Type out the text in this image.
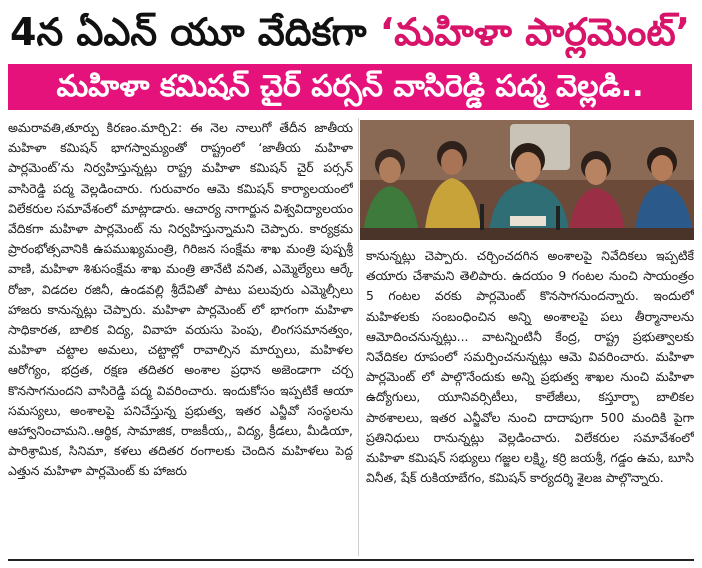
4న ఏఎన్ యూ వేదికగా ‘మహిళా పార్లమెంట్’
మహిళా కమిషన్ చైర్ పర్సన్ వాసిరెడ్డి పద్మ వెల్లడి..

అమరావతి,తూర్పు కిరణం.మార్చి2: ఈ నెల నాలుగో తేదీన జాతీయ మహిళా కమిషన్ భాగస్వామ్యంతో రాష్ట్రంలో ‘జాతీయ మహిళా పార్లమెంట్’ను నిర్వహిస్తున్నట్లు రాష్ట్ర మహిళా కమిషన్ చైర్ పర్సన్ వాసిరెడ్డి పద్మ వెల్లడించారు. గురువారం ఆమె కమిషన్ కార్యాలయంలో విలేకరుల సమావేశంలో మాట్లాడారు. ఆచార్య నాగార్జున విశ్వవిద్యాలయం వేదికగా మహిళా పార్లమెంట్ ను నిర్వహిస్తున్నామని చెప్పారు. కార్యక్రమ ప్రారంభోత్సవానికి ఉపముఖ్యమంత్రి, గిరిజన సంక్షేమ శాఖ మంత్రి పుష్పశ్రీ వాణి, మహిళా శిశుసంక్షేమ శాఖ మంత్రి తానేటి వనిత, ఎమ్మెల్యేలు ఆర్కే రోజా, విడదల రజినీ, ఉండవల్లి శ్రీదేవితో పాటు పలువురు ఎమ్మెల్సీలు హాజరు కానున్నట్లు చెప్పారు. మహిళా పార్లమెంట్ లో భాగంగా మహిళా సాధికారత, బాలిక విద్య, వివాహ వయసు పెంపు, లింగసమానత్వం, మహిళా చట్టాల అమలు, చట్టాల్లో రావాల్సిన మార్పులు, మహిళల ఆరోగ్యం, భద్రత, రక్షణ తదితర అంశాల ప్రధాన అజెండాగా చర్చ కొనసాగనుందని వాసిరెడ్డి పద్మ వివరించారు. ఇందుకోసం ఇప్పటికే ఆయా సమస్యలు, అంశాలపై పనిచేస్తున్న ప్రభుత్వ, ఇతర ఎన్జీవో సంస్థలను ఆహ్వానించామని..ఆర్థిక, సామాజిక, రాజకీయ,, విద్య, క్రీడలు, మీడియా, పారిశ్రామిక, సినిమా, కళలు తదితర రంగాలకు చెందిన మహిళలు పెద్ద ఎత్తున మహిళా పార్లమెంట్ కు హాజరు

కానున్నట్లు చెప్పారు. చర్చించదగిన అంశాలపై నివేదికలు ఇప్పటికే తయారు చేశామని తెలిపారు. ఉదయం 9 గంటల నుంచి సాయంత్రం 5 గంటల వరకు పార్లమెంట్ కొనసాగనుందన్నారు. ఇందులో మహిళలకు సంబంధించిన అన్ని అంశాలపై పలు తీర్మానాలను ఆమోదించనున్నట్లు... వాటన్నింటినీ కేంద్ర, రాష్ట్ర ప్రభుత్వాలకు నివేదికల రూపంలో సమర్పించనున్నట్లు ఆమె వివరించారు. మహిళా పార్లమెంట్ లో పాల్గొనేందుకు అన్ని ప్రభుత్వ శాఖల నుంచి మహిళా ఉద్యోగులు, యూనివర్సిటీలు, కాలేజీలు, కస్తూర్బా బాలికల పాఠశాలలు, ఇతర ఎన్జీవోల నుంచి దాదాపుగా 500 మందికి పైగా ప్రతినిధులు రానున్నట్లు వెల్లడించారు. విలేకరుల సమావేశంలో మహిళా కమిషన్ సభ్యులు గజ్జల లక్ష్మి, కర్రి జయశ్రీ, గడ్డం ఉమ, బూసి వినీత, షేక్ రుకియాబేగం, కమిషన్ కార్యదర్శి శైలజ పాల్గొన్నారు.
